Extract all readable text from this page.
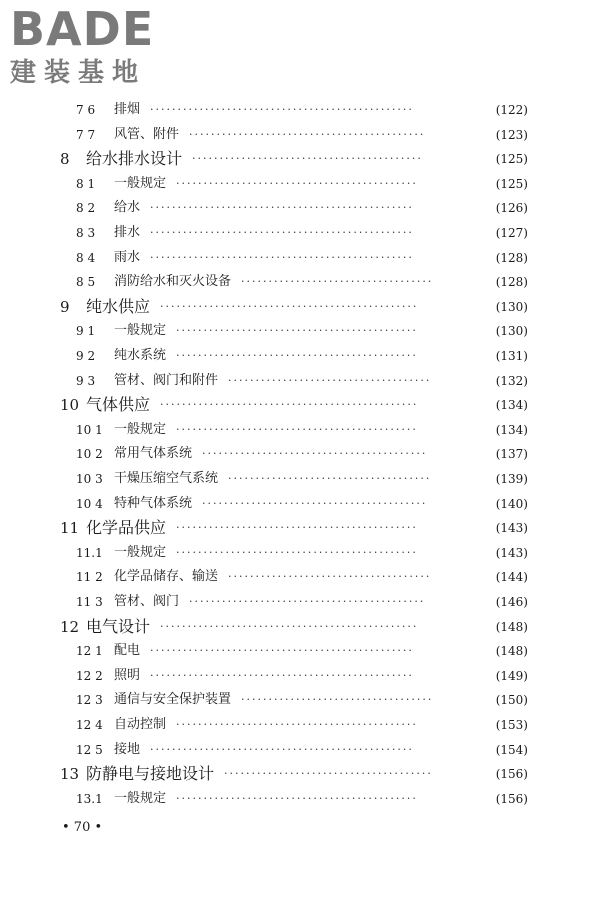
BADE
建装基地
7 6 排烟 ················································	(122)
7 7 风管、附件 ···········································	(123)
8 给水排水设计 ··········································	(125)
8 1 一般规定 ············································	(125)
8 2 给水 ················································	(126)
8 3 排水 ················································	(127)
8 4 雨水 ················································	(128)
8 5 消防给水和灭火设备 ···································	(128)
9 纯水供应 ···············································	(130)
9 1 一般规定 ············································	(130)
9 2 纯水系统 ············································	(131)
9 3 管材、阀门和附件 ·····································	(132)
10 气体供应 ···············································	(134)
10 1 一般规定 ············································	(134)
10 2 常用气体系统 ·········································	(137)
10 3 干燥压缩空气系统 ·····································	(139)
10 4 特种气体系统 ·········································	(140)
11 化学品供应 ············································	(143)
11.1 一般规定 ············································	(143)
11 2 化学品储存、输送 ·····································	(144)
11 3 管材、阀门 ···········································	(146)
12 电气设计 ···············································	(148)
12 1 配电 ················································	(148)
12 2 照明 ················································	(149)
12 3 通信与安全保护装置 ···································	(150)
12 4 自动控制 ············································	(153)
12 5 接地 ················································	(154)
13 防静电与接地设计 ······································	(156)
13.1 一般规定 ············································	(156)
• 70 •
